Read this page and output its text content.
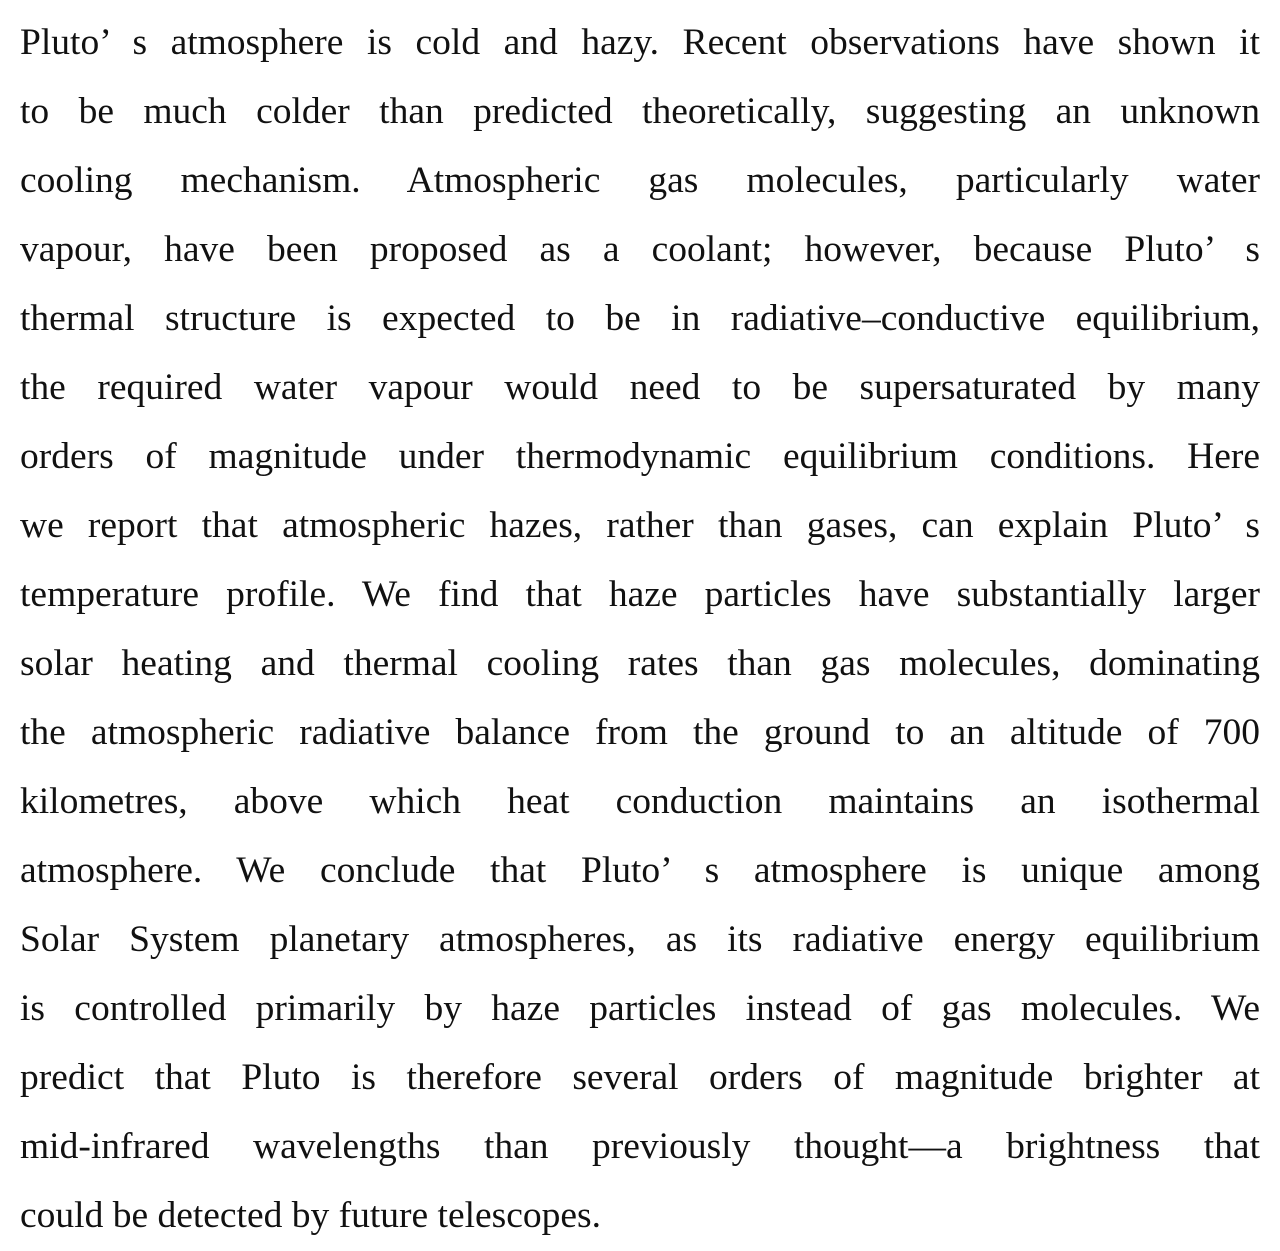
Pluto’ s atmosphere is cold and hazy. Recent observations have shown it
to be much colder than predicted theoretically, suggesting an unknown
cooling mechanism. Atmospheric gas molecules, particularly water
vapour, have been proposed as a coolant; however, because Pluto’ s
thermal structure is expected to be in radiative–conductive equilibrium,
the required water vapour would need to be supersaturated by many
orders of magnitude under thermodynamic equilibrium conditions. Here
we report that atmospheric hazes, rather than gases, can explain Pluto’ s
temperature profile. We find that haze particles have substantially larger
solar heating and thermal cooling rates than gas molecules, dominating
the atmospheric radiative balance from the ground to an altitude of 700
kilometres, above which heat conduction maintains an isothermal
atmosphere. We conclude that Pluto’ s atmosphere is unique among
Solar System planetary atmospheres, as its radiative energy equilibrium
is controlled primarily by haze particles instead of gas molecules. We
predict that Pluto is therefore several orders of magnitude brighter at
mid-infrared wavelengths than previously thought—a brightness that
could be detected by future telescopes.
